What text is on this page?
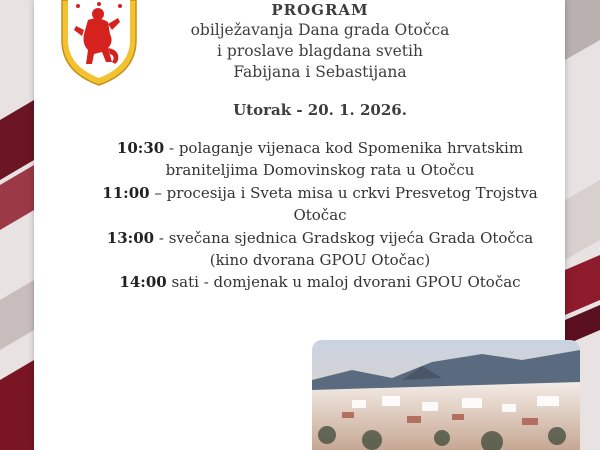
PROGRAM

obilježavanja Dana grada Otočca

i proslave blagdana svetih

Fabijana i Sebastijana

Utorak - 20. 1. 2026.
10:30 - polaganje vijenaca kod Spomenika hrvatskim braniteljima Domovinskog rata u Otočcu
11:00 – procesija i Sveta misa u crkvi Presvetog Trojstva Otočac
13:00 - svečana sjednica Gradskog vijeća Grada Otočca (kino dvorana GPOU Otočac)
14:00 sati - domjenak u maloj dvorani GPOU Otočac
